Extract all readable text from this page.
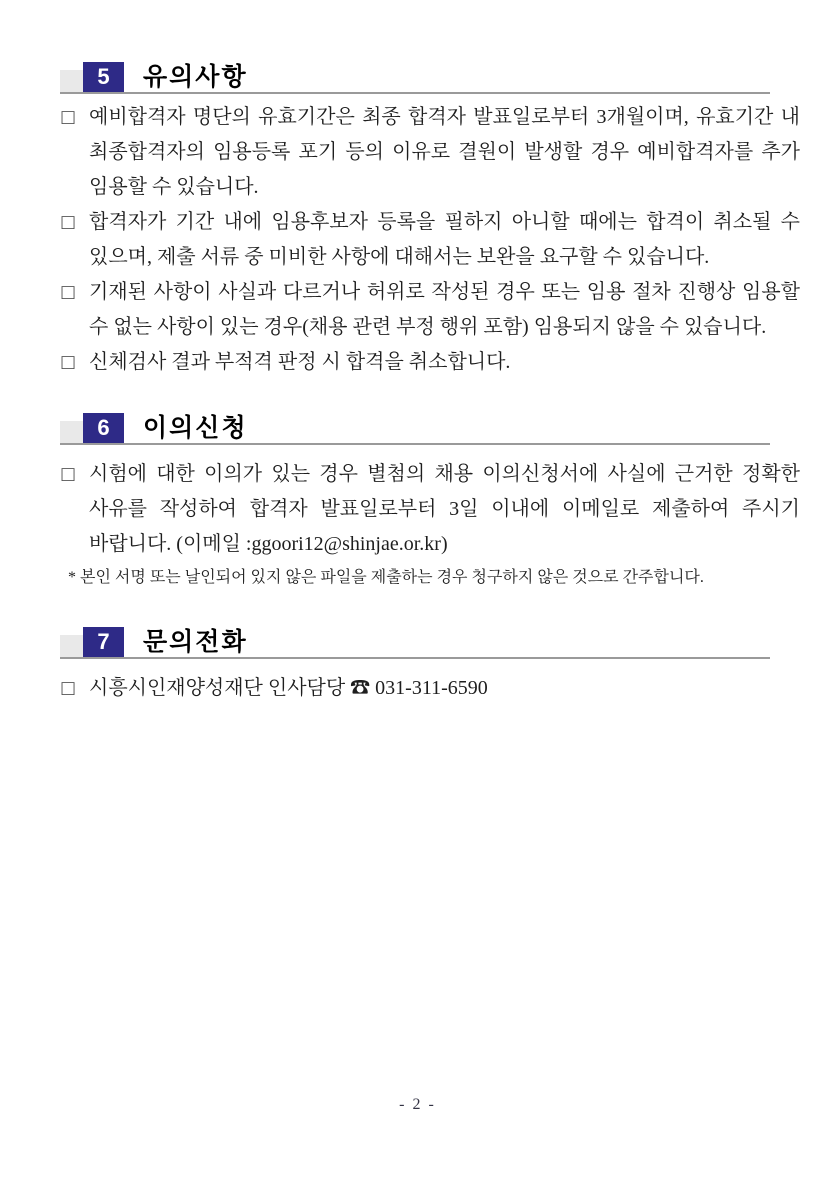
5 유의사항
□ 예비합격자 명단의 유효기간은 최종 합격자 발표일로부터 3개월이며, 유효기간 내 최종합격자의 임용등록 포기 등의 이유로 결원이 발생할 경우 예비합격자를 추가 임용할 수 있습니다.
□ 합격자가 기간 내에 임용후보자 등록을 필하지 아니할 때에는 합격이 취소될 수 있으며, 제출 서류 중 미비한 사항에 대해서는 보완을 요구할 수 있습니다.
□ 기재된 사항이 사실과 다르거나 허위로 작성된 경우 또는 임용 절차 진행상 임용할 수 없는 사항이 있는 경우(채용 관련 부정 행위 포함) 임용되지 않을 수 있습니다.
□ 신체검사 결과 부적격 판정 시 합격을 취소합니다.
6 이의신청
□ 시험에 대한 이의가 있는 경우 별첨의 채용 이의신청서에 사실에 근거한 정확한 사유를 작성하여 합격자 발표일로부터 3일 이내에 이메일로 제출하여 주시기 바랍니다. (이메일 :ggoori12@shinjae.or.kr)
* 본인 서명 또는 날인되어 있지 않은 파일을 제출하는 경우 청구하지 않은 것으로 간주합니다.
7 문의전화
□ 시흥시인재양성재단 인사담당 ☎ 031-311-6590
- 2 -
